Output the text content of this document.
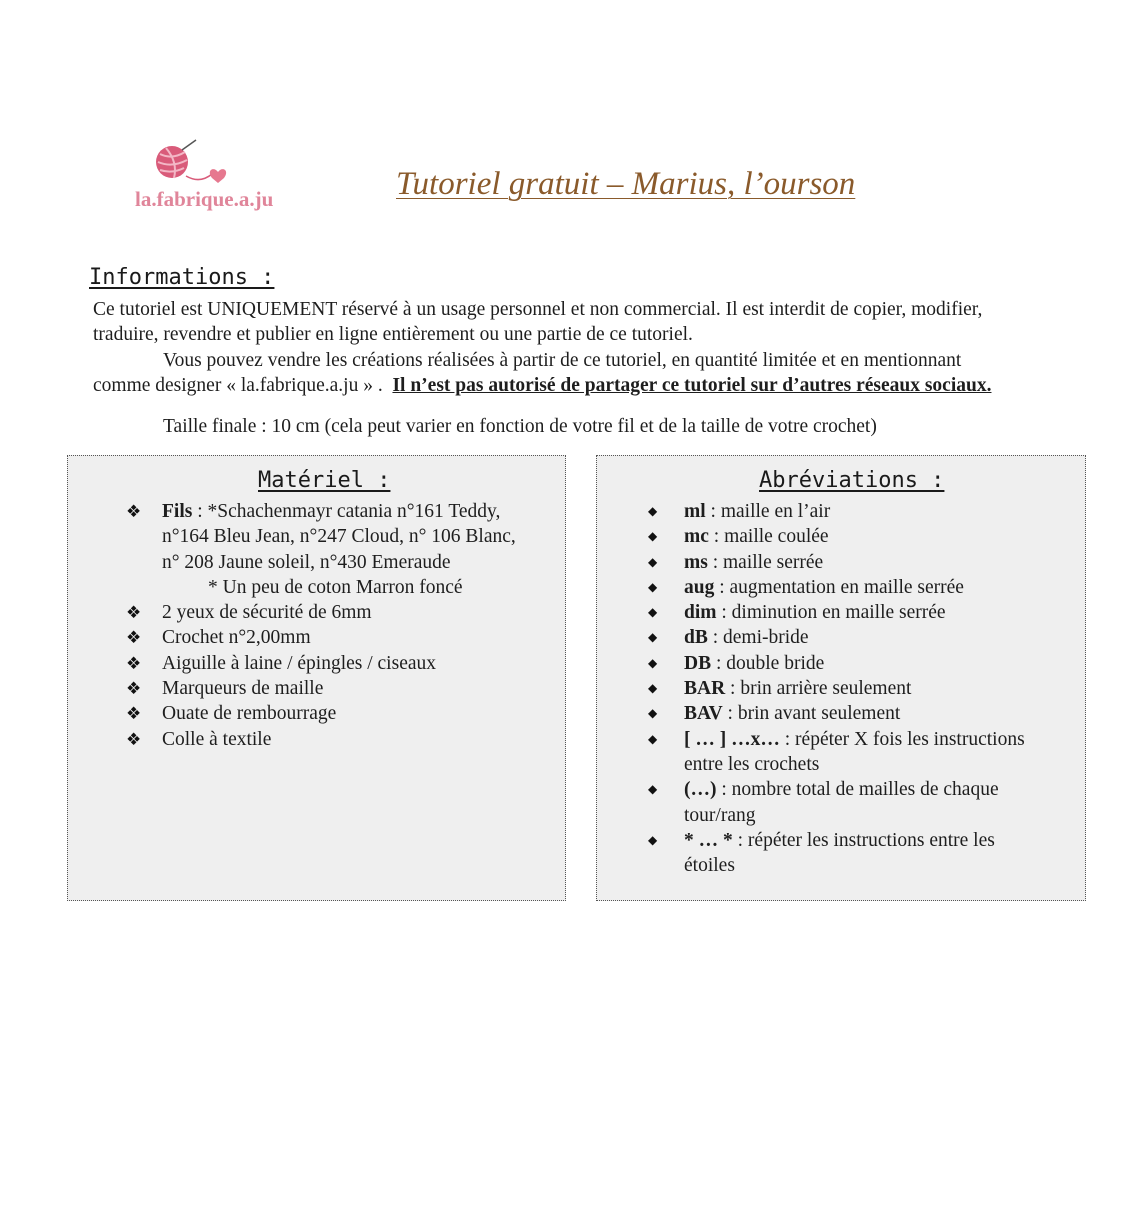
la.fabrique.a.ju	Tutoriel gratuit – Marius, l’ourson
Informations :
Ce tutoriel est UNIQUEMENT réservé à un usage personnel et non commercial. Il est interdit de copier, modifier,
traduire, revendre et publier en ligne entièrement ou une partie de ce tutoriel.
Vous pouvez vendre les créations réalisées à partir de ce tutoriel, en quantité limitée et en mentionnant
comme designer « la.fabrique.a.ju » . Il n’est pas autorisé de partager ce tutoriel sur d’autres réseaux sociaux.
Taille finale : 10 cm (cela peut varier en fonction de votre fil et de la taille de votre crochet)
Matériel :
❖ Fils : *Schachenmayr catania n°161 Teddy,
n°164 Bleu Jean, n°247 Cloud, n° 106 Blanc,
n° 208 Jaune soleil, n°430 Emeraude
* Un peu de coton Marron foncé
❖ 2 yeux de sécurité de 6mm
❖ Crochet n°2,00mm
❖ Aiguille à laine / épingles / ciseaux
❖ Marqueurs de maille
❖ Ouate de rembourrage
❖ Colle à textile
Abréviations :
◆ ml : maille en l’air
◆ mc : maille coulée
◆ ms : maille serrée
◆ aug : augmentation en maille serrée
◆ dim : diminution en maille serrée
◆ dB : demi-bride
◆ DB : double bride
◆ BAR : brin arrière seulement
◆ BAV : brin avant seulement
◆ [ … ] …x… : répéter X fois les instructions
entre les crochets
◆ (…) : nombre total de mailles de chaque
tour/rang
◆ * … * : répéter les instructions entre les
étoiles
